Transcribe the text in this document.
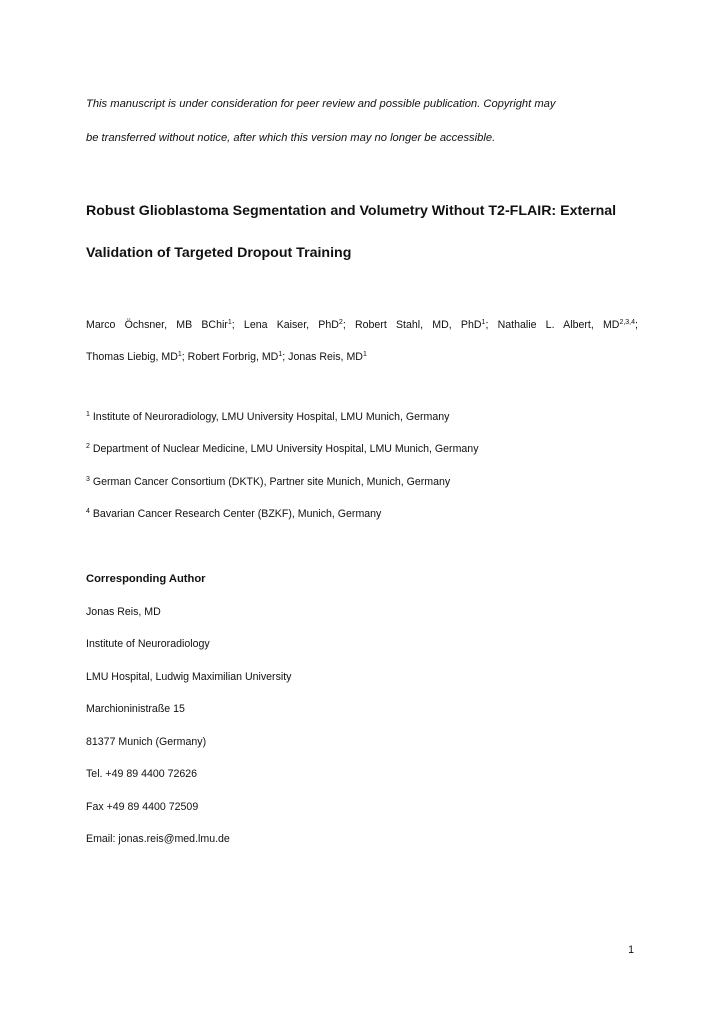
This manuscript is under consideration for peer review and possible publication. Copyright may
be transferred without notice, after which this version may no longer be accessible.
Robust Glioblastoma Segmentation and Volumetry Without T2-FLAIR: External
Validation of Targeted Dropout Training
Marco Öchsner, MB BChir$^1$; Lena Kaiser, PhD$^2$; Robert Stahl, MD, PhD$^1$; Nathalie L. Albert, MD$^{2,3,4}$; Thomas Liebig, $MD^1$; Robert Forbrig, $MD^1$; Jonas Reis, $MD^1$
$^1$ Institute of Neuroradiology, LMU University Hospital, LMU Munich, Germany
$^2$ Department of Nuclear Medicine, LMU University Hospital, LMU Munich, Germany
$^3$ German Cancer Consortium (DKTK), Partner site Munich, Munich, Germany
$^4$ Bavarian Cancer Research Center (BZKF), Munich, Germany
Corresponding Author
Jonas Reis, MD
Institute of Neuroradiology
LMU Hospital, Ludwig Maximilian University
Marchioninistraße 15
81377 Munich (Germany)
Tel. +49 89 4400 72626
Fax +49 89 4400 72509
Email: jonas.reis@med.lmu.de
1
